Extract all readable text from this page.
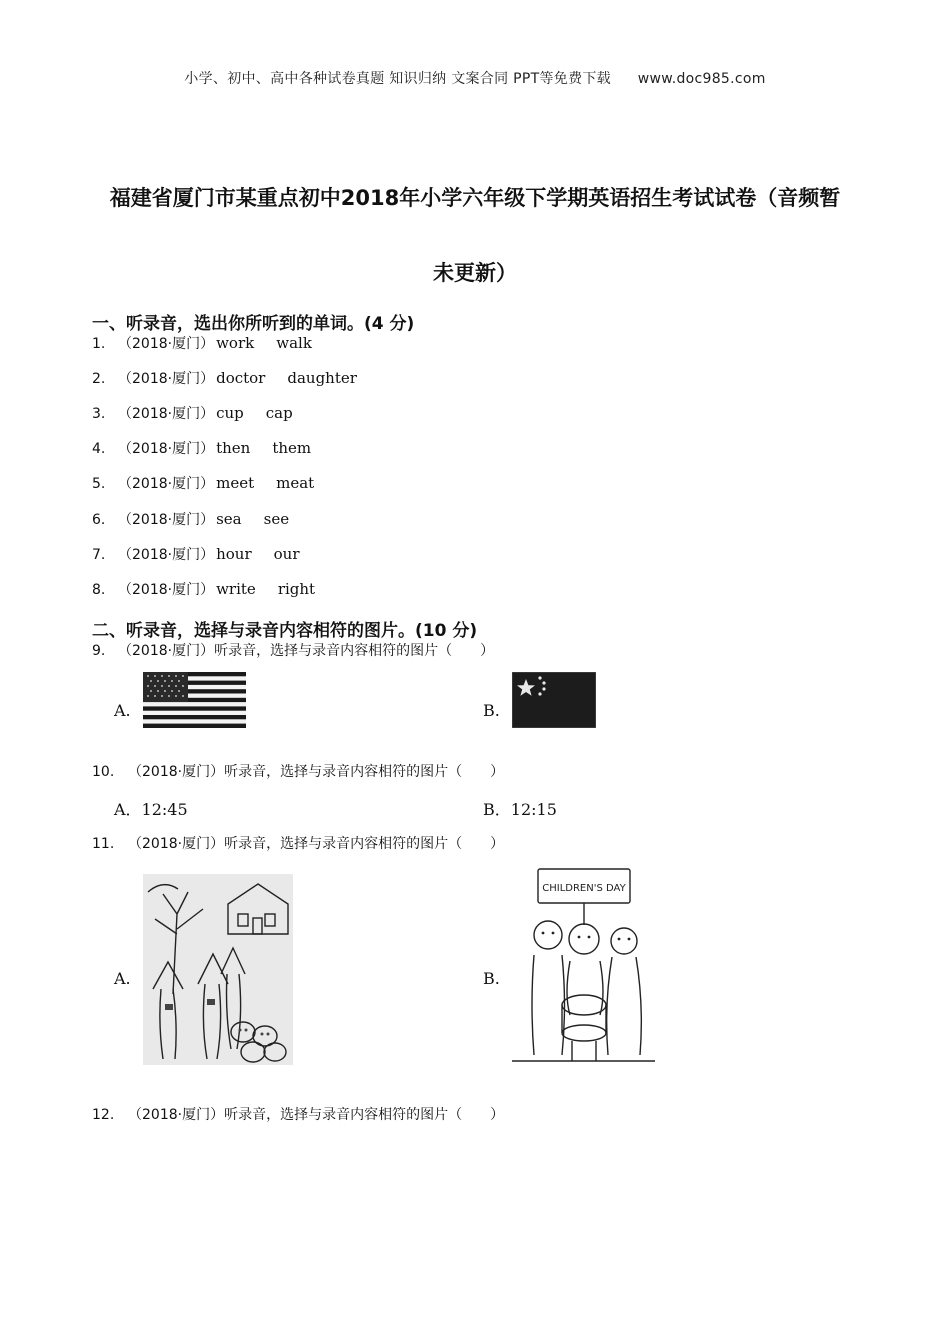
小学、初中、高中各种试卷真题 知识归纳 文案合同 PPT等免费下载 www.doc985.com
福建省厦门市某重点初中2018年小学六年级下学期英语招生考试试卷（音频暂
未更新）
一、听录音，选出你所听到的单词。(4 分)
1. （2018·厦门） work walk
2. （2018·厦门） doctor daughter
3. （2018·厦门） cup cap
4. （2018·厦门） then them
5. （2018·厦门） meet meat
6. （2018·厦门） sea see
7. （2018·厦门） hour our
8. （2018·厦门） write right
二、听录音，选择与录音内容相符的图片。(10 分)
9. （2018·厦门）听录音，选择与录音内容相符的图片（　　）
A.	B.
10. （2018·厦门）听录音，选择与录音内容相符的图片（　　）
A．12:45	B．12:15
11. （2018·厦门）听录音，选择与录音内容相符的图片（　　）
A.	B.
CHILDREN'S DAY
12. （2018·厦门）听录音，选择与录音内容相符的图片（　　）
